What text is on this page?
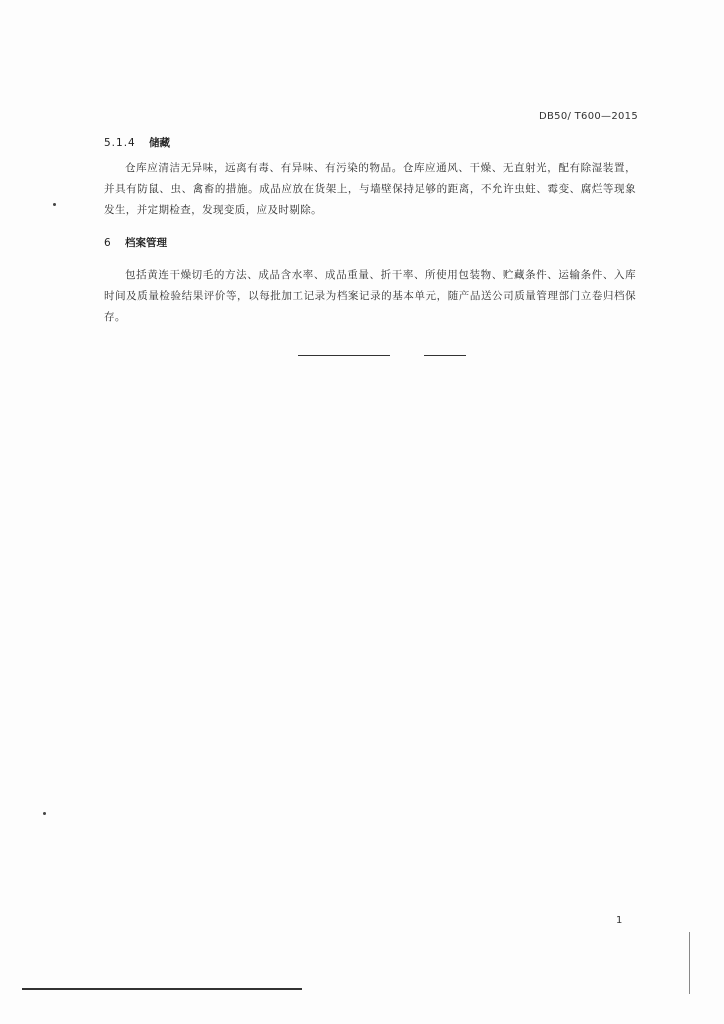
DB50/ T600—2015
5.1.4 储藏

仓库应清洁无异味，远离有毒、有异味、有污染的物品。仓库应通风、干燥、无直射光，配有除湿装置，并具有防鼠、虫、禽畜的措施。成品应放在货架上，与墙壁保持足够的距离，不允许虫蛀、霉变、腐烂等现象发生，并定期检查，发现变质，应及时剔除。

6 档案管理

包括黄连干燥切毛的方法、成品含水率、成品重量、折干率、所使用包装物、贮藏条件、运输条件、入库时间及质量检验结果评价等，以每批加工记录为档案记录的基本单元，随产品送公司质量管理部门立卷归档保存。

1
